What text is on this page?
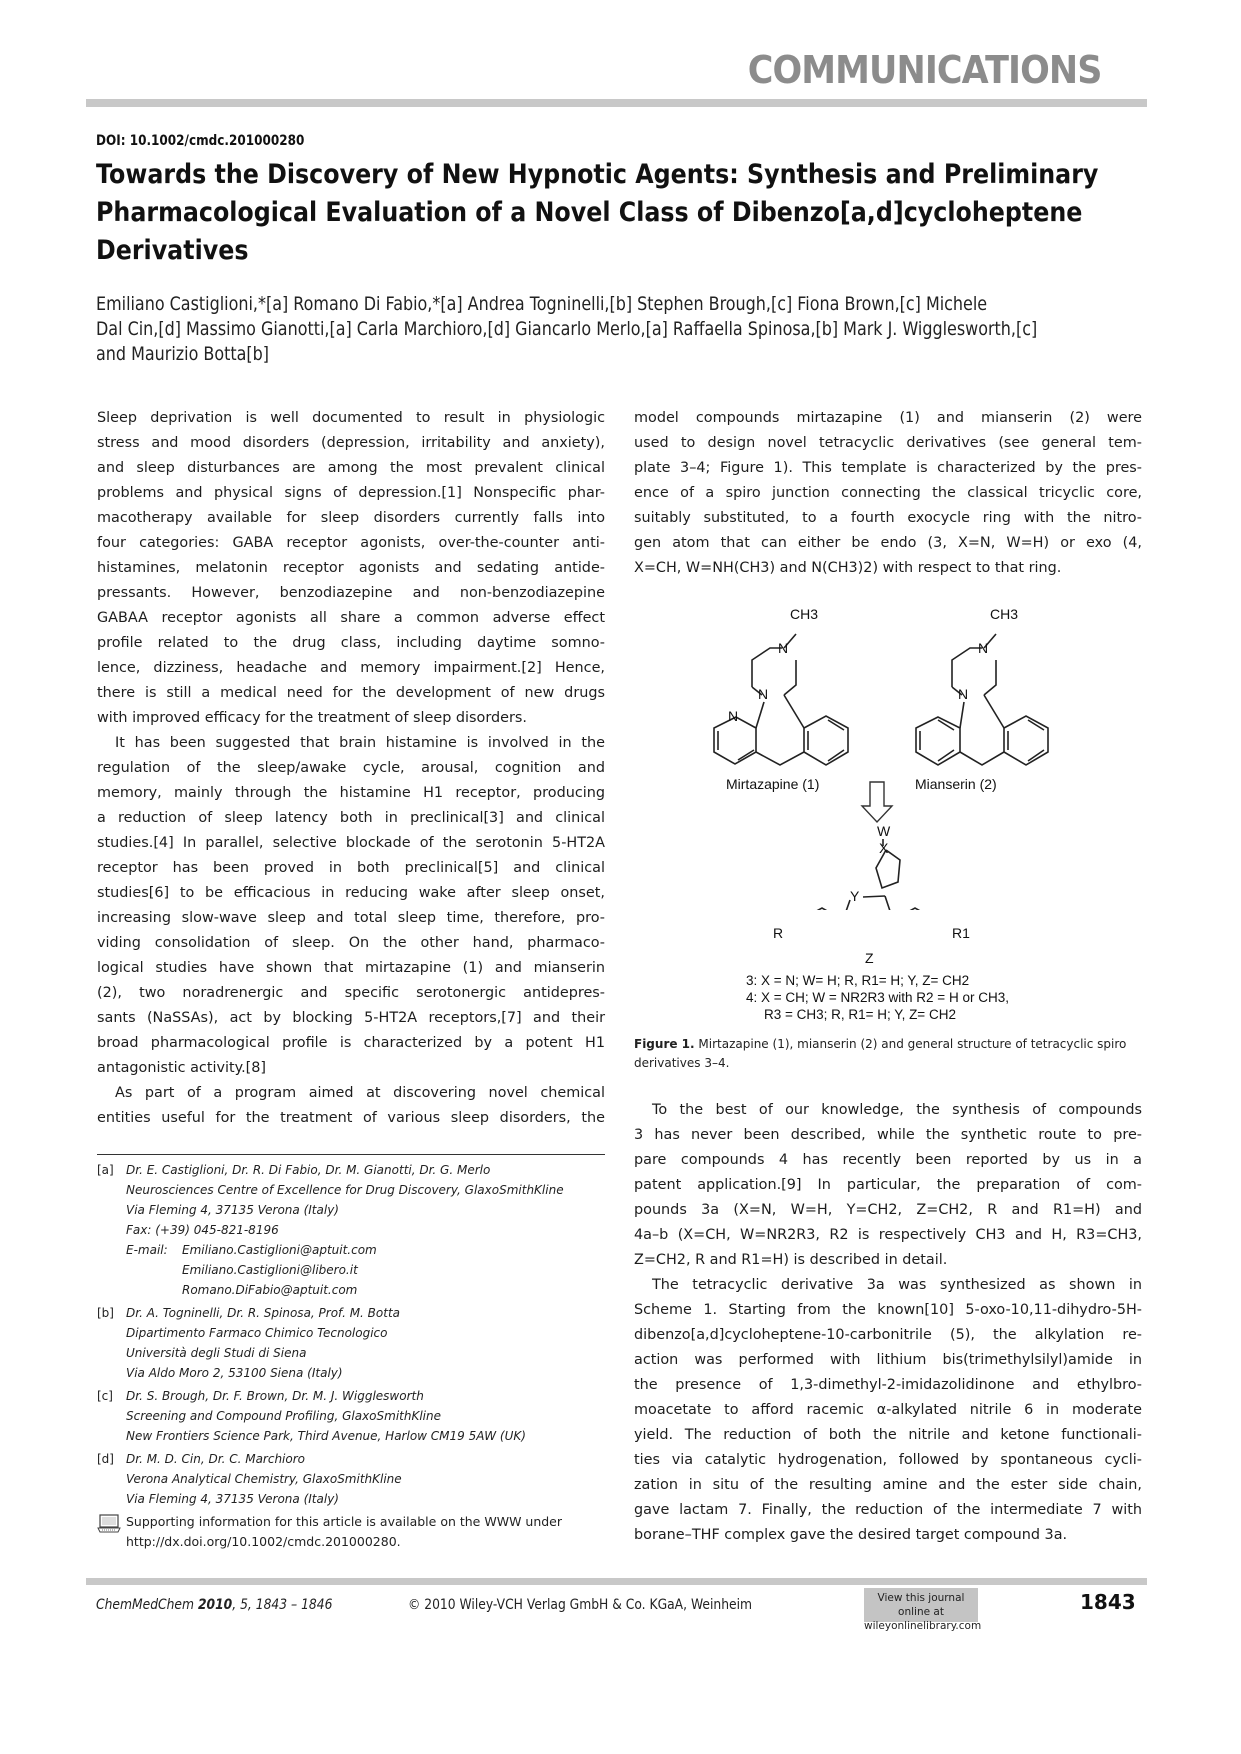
COMMUNICATIONS
DOI: 10.1002/cmdc.201000280
Towards the Discovery of New Hypnotic Agents: Synthesis and Preliminary
Pharmacological Evaluation of a Novel Class of Dibenzo[a,d]cycloheptene
Derivatives
Emiliano Castiglioni,*[a] Romano Di Fabio,*[a] Andrea Togninelli,[b] Stephen Brough,[c] Fiona Brown,[c] Michele
Dal Cin,[d] Massimo Gianotti,[a] Carla Marchioro,[d] Giancarlo Merlo,[a] Raffaella Spinosa,[b] Mark J. Wigglesworth,[c]
and Maurizio Botta[b]

Sleep deprivation is well documented to result in physiologic
stress and mood disorders (depression, irritability and anxiety),
and sleep disturbances are among the most prevalent clinical
problems and physical signs of depression.[1] Nonspecific phar-
macotherapy available for sleep disorders currently falls into
four categories: GABA receptor agonists, over-the-counter anti-
histamines, melatonin receptor agonists and sedating antide-
pressants. However, benzodiazepine and non-benzodiazepine
GABAA receptor agonists all share a common adverse effect
profile related to the drug class, including daytime somno-
lence, dizziness, headache and memory impairment.[2] Hence,
there is still a medical need for the development of new drugs
with improved efficacy for the treatment of sleep disorders.

It has been suggested that brain histamine is involved in the
regulation of the sleep/awake cycle, arousal, cognition and
memory, mainly through the histamine H1 receptor, producing
a reduction of sleep latency both in preclinical[3] and clinical
studies.[4] In parallel, selective blockade of the serotonin 5-HT2A
receptor has been proved in both preclinical[5] and clinical
studies[6] to be efficacious in reducing wake after sleep onset,
increasing slow-wave sleep and total sleep time, therefore, pro-
viding consolidation of sleep. On the other hand, pharmaco-
logical studies have shown that mirtazapine (1) and mianserin
(2), two noradrenergic and specific serotonergic antidepres-
sants (NaSSAs), act by blocking 5-HT2A receptors,[7] and their
broad pharmacological profile is characterized by a potent H1
antagonistic activity.[8]

As part of a program aimed at discovering novel chemical
entities useful for the treatment of various sleep disorders, the

[a]	Dr. E. Castiglioni, Dr. R. Di Fabio, Dr. M. Gianotti, Dr. G. Merlo
Neurosciences Centre of Excellence for Drug Discovery, GlaxoSmithKline
Via Fleming 4, 37135 Verona (Italy)
Fax: (+39) 045-821-8196
E-mail:	Emiliano.Castiglioni@aptuit.com
Emiliano.Castiglioni@libero.it
Romano.DiFabio@aptuit.com
[b]	Dr. A. Togninelli, Dr. R. Spinosa, Prof. M. Botta
Dipartimento Farmaco Chimico Tecnologico
Università degli Studi di Siena
Via Aldo Moro 2, 53100 Siena (Italy)
[c]	Dr. S. Brough, Dr. F. Brown, Dr. M. J. Wigglesworth
Screening and Compound Profiling, GlaxoSmithKline
New Frontiers Science Park, Third Avenue, Harlow CM19 5AW (UK)
[d]	Dr. M. D. Cin, Dr. C. Marchioro
Verona Analytical Chemistry, GlaxoSmithKline
Via Fleming 4, 37135 Verona (Italy)
Supporting information for this article is available on the WWW under
http://dx.doi.org/10.1002/cmdc.201000280.

model compounds mirtazapine (1) and mianserin (2) were
used to design novel tetracyclic derivatives (see general tem-
plate 3–4; Figure 1). This template is characterized by the pres-
ence of a spiro junction connecting the classical tricyclic core,
suitably substituted, to a fourth exocycle ring with the nitro-
gen atom that can either be endo (3, X=N, W=H) or exo (4,
X=CH, W=NH(CH3) and N(CH3)2) with respect to that ring.

CH3	CH3
N	N
N	N
N
Mirtazapine (1)	Mianserin (2)
W
X
Y
Z
R	R1
3: X = N; W= H; R, R1= H; Y, Z= CH2
4: X = CH; W = NR2R3 with R2 = H or CH3,
R3 = CH3; R, R1= H; Y, Z= CH2
Figure 1. Mirtazapine (1), mianserin (2) and general structure of tetracyclic spiro derivatives 3–4.

To the best of our knowledge, the synthesis of compounds
3 has never been described, while the synthetic route to pre-
pare compounds 4 has recently been reported by us in a
patent application.[9] In particular, the preparation of com-
pounds 3a (X=N, W=H, Y=CH2, Z=CH2, R and R1=H) and
4a–b (X=CH, W=NR2R3, R2 is respectively CH3 and H, R3=CH3,
Z=CH2, R and R1=H) is described in detail.

The tetracyclic derivative 3a was synthesized as shown in
Scheme 1. Starting from the known[10] 5-oxo-10,11-dihydro-5H-
dibenzo[a,d]cycloheptene-10-carbonitrile (5), the alkylation re-
action was performed with lithium bis(trimethylsilyl)amide in
the presence of 1,3-dimethyl-2-imidazolidinone and ethylbro-
moacetate to afford racemic α-alkylated nitrile 6 in moderate
yield. The reduction of both the nitrile and ketone functionali-
ties via catalytic hydrogenation, followed by spontaneous cycli-
zation in situ of the resulting amine and the ester side chain,
gave lactam 7. Finally, the reduction of the intermediate 7 with
borane–THF complex gave the desired target compound 3a.

ChemMedChem 2010, 5, 1843 – 1846	© 2010 Wiley-VCH Verlag GmbH & Co. KGaA, Weinheim	View this journal online at
wileyonlinelibrary.com
1843
